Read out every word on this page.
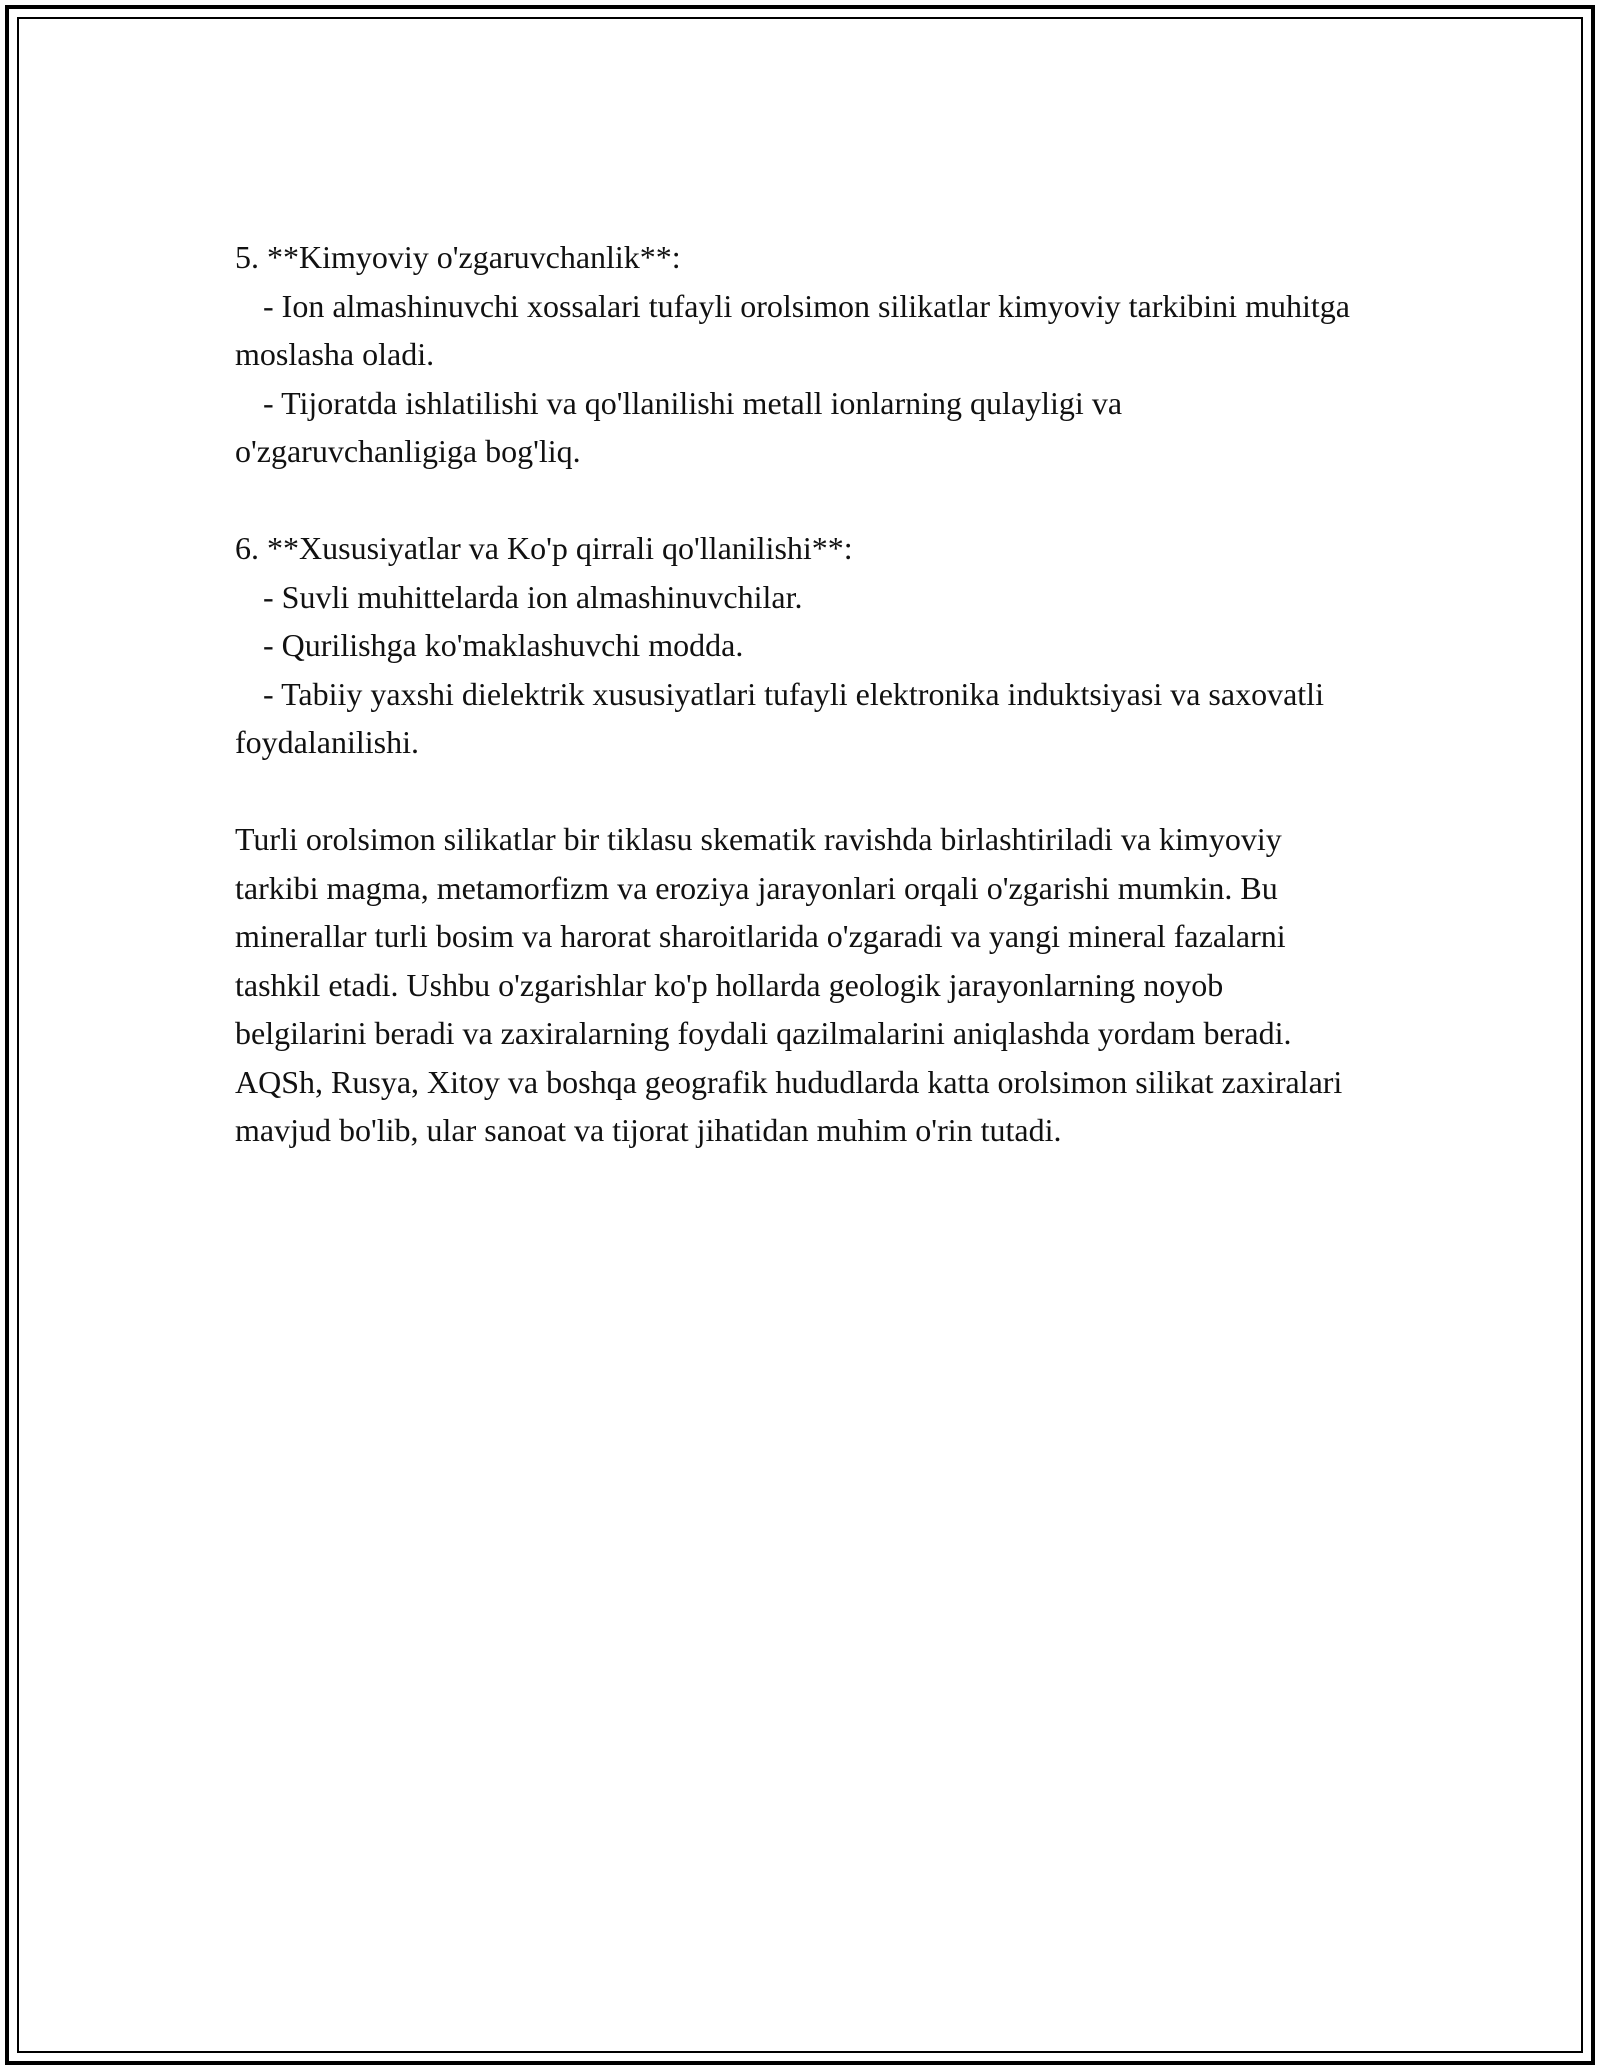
5. **Kimyoviy o'zgaruvchanlik**:
- Ion almashinuvchi xossalari tufayli orolsimon silikatlar kimyoviy tarkibini muhitga moslasha oladi.
- Tijoratda ishlatilishi va qo'llanilishi metall ionlarning qulayligi va o'zgaruvchanligiga bog'liq.
6. **Xususiyatlar va Ko'p qirrali qo'llanilishi**:
- Suvli muhittelarda ion almashinuvchilar.
- Qurilishga ko'maklashuvchi modda.
- Tabiiy yaxshi dielektrik xususiyatlari tufayli elektronika induktsiyasi va saxovatli foydalanilishi.

Turli orolsimon silikatlar bir tiklasu skematik ravishda birlashtiriladi va kimyoviy tarkibi magma, metamorfizm va eroziya jarayonlari orqali o'zgarishi mumkin. Bu minerallar turli bosim va harorat sharoitlarida o'zgaradi va yangi mineral fazalarni tashkil etadi. Ushbu o'zgarishlar ko'p hollarda geologik jarayonlarning noyob belgilarini beradi va zaxiralarning foydali qazilmalarini aniqlashda yordam beradi. AQSh, Rusya, Xitoy va boshqa geografik hududlarda katta orolsimon silikat zaxiralari mavjud bo'lib, ular sanoat va tijorat jihatidan muhim o'rin tutadi.
